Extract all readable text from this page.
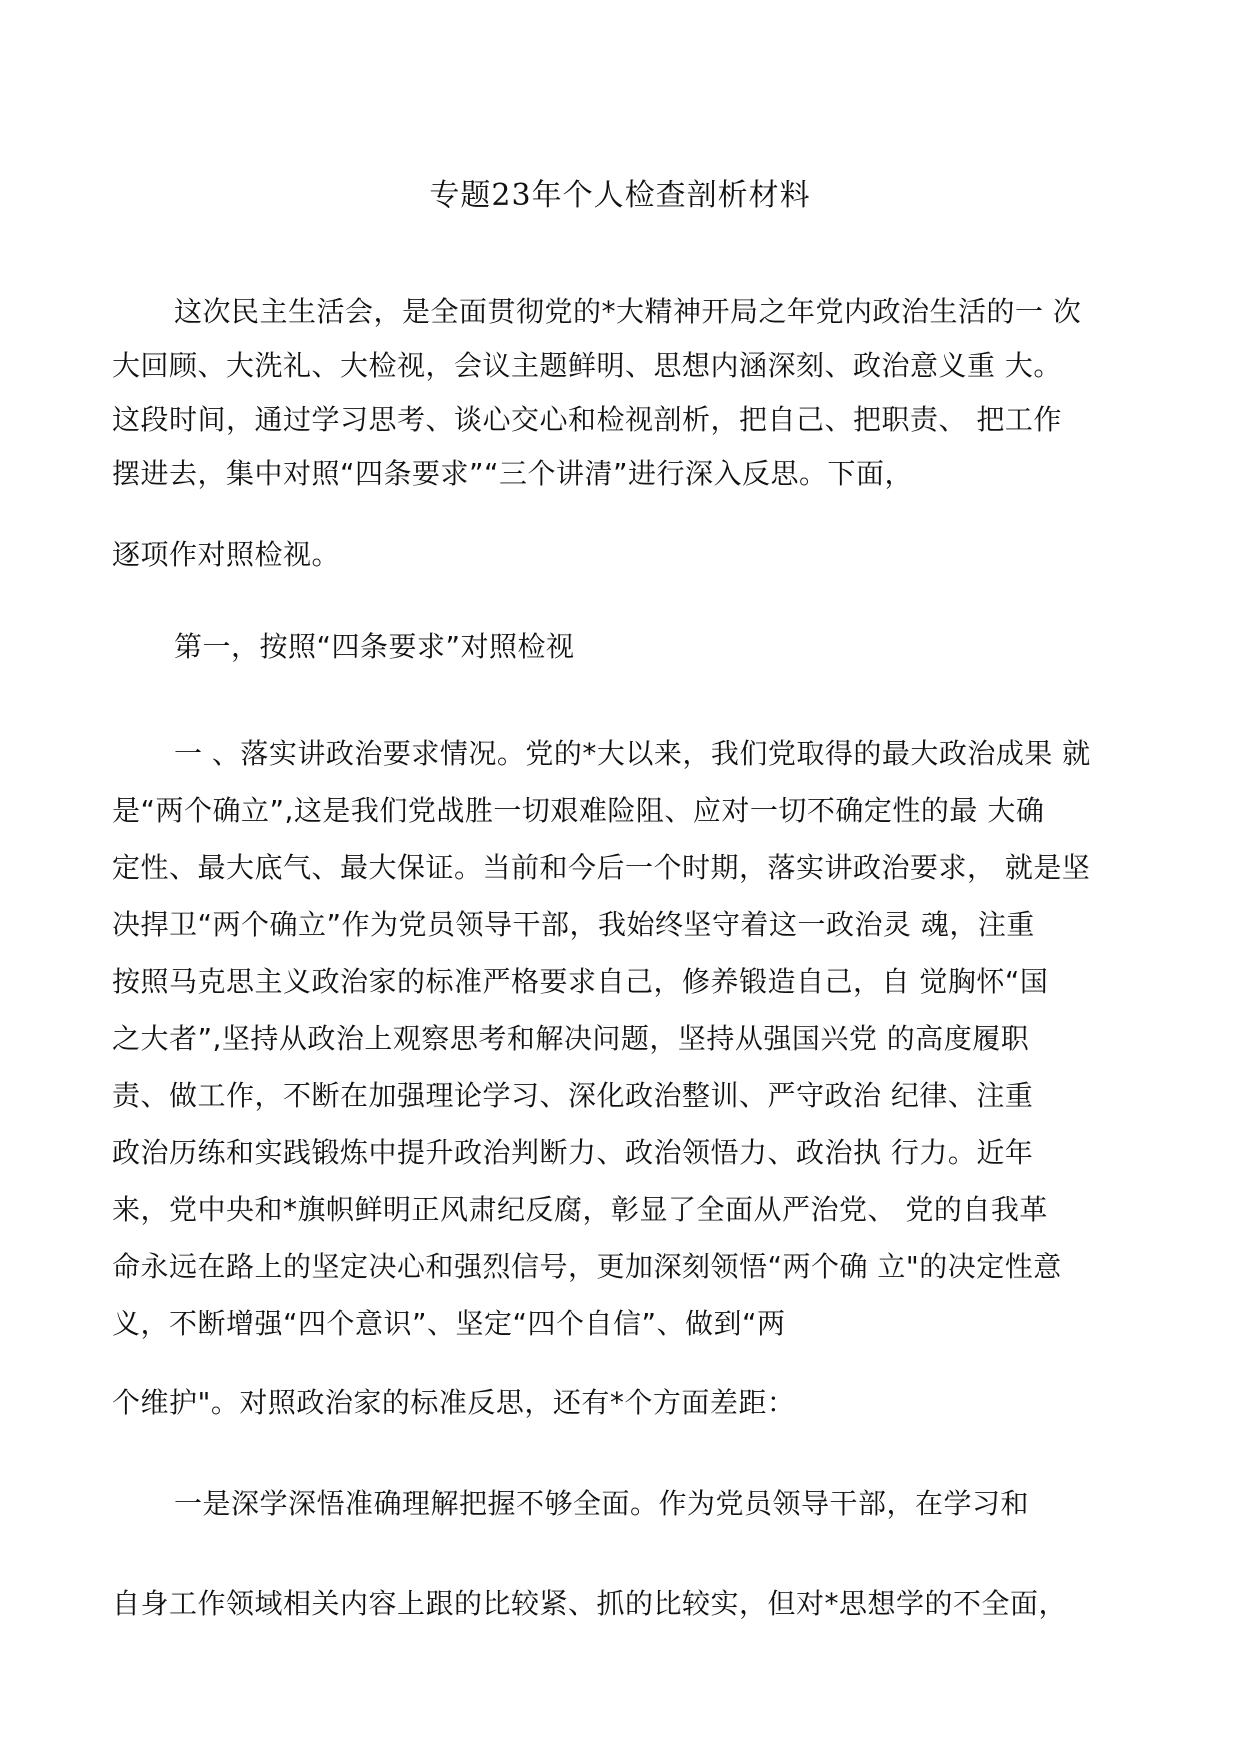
专题23年个人检查剖析材料
这次民主生活会，是全面贯彻党的*大精神开局之年党内政治生活的一 次
大回顾、大洗礼、大检视，会议主题鲜明、思想内涵深刻、政治意义重 大。
这段时间，通过学习思考、谈心交心和检视剖析，把自己、把职责、 把工作
摆进去，集中对照“四条要求”“三个讲清”进行深入反思。下面，
逐项作对照检视。
第一，按照“四条要求”对照检视
一 、落实讲政治要求情况。党的*大以来，我们党取得的最大政治成果 就
是“两个确立”,这是我们党战胜一切艰难险阻、应对一切不确定性的最 大确
定性、最大底气、最大保证。当前和今后一个时期，落实讲政治要求， 就是坚
决捍卫“两个确立”作为党员领导干部，我始终坚守着这一政治灵 魂，注重
按照马克思主义政治家的标准严格要求自己，修养锻造自己，自 觉胸怀“国
之大者”,坚持从政治上观察思考和解决问题，坚持从强国兴党 的高度履职
责、做工作，不断在加强理论学习、深化政治整训、严守政治 纪律、注重
政治历练和实践锻炼中提升政治判断力、政治领悟力、政治执 行力。近年
来，党中央和*旗帜鲜明正风肃纪反腐，彰显了全面从严治党、 党的自我革
命永远在路上的坚定决心和强烈信号，更加深刻领悟“两个确 立"的决定性意
义，不断增强“四个意识”、坚定“四个自信”、做到“两
个维护"。对照政治家的标准反思，还有*个方面差距：
一是深学深悟准确理解把握不够全面。作为党员领导干部，在学习和
自身工作领域相关内容上跟的比较紧、抓的比较实，但对*思想学的不全面，
